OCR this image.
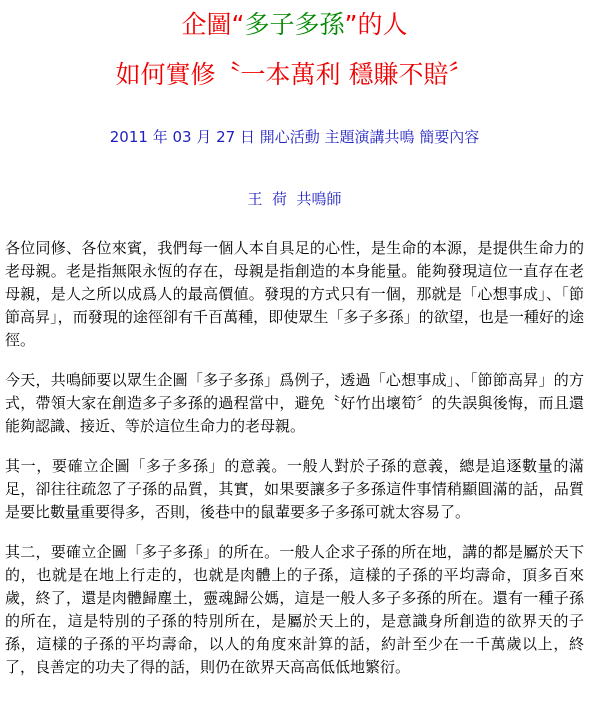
企圖“多子多孫”的人
如何實修〝一本萬利 穩賺不賠〞
2011 年 03 月 27 日 開心活動 主題演講共鳴 簡要內容
王  荷  共鳴師

各位同修、各位來賓，我們每一個人本自具足的心性，是生命的本源，是提供生命力的老母親。老是指無限永恆的存在，母親是指創造的本身能量。能夠發現這位一直存在老母親，是人之所以成爲人的最高價値。發現的方式只有一個，那就是「心想事成」、「節節高昇」，而發現的途徑卻有千百萬種，即使眾生「多子多孫」的欲望，也是一種好的途徑。

今天，共鳴師要以眾生企圖「多子多孫」爲例子，透過「心想事成」、「節節高昇」的方式，帶領大家在創造多子多孫的過程當中，避免〝好竹出壞筍〞的失誤與後悔，而且還能夠認識、接近、等於這位生命力的老母親。

其一，要確立企圖「多子多孫」的意義。一般人對於子孫的意義，總是追逐數量的滿足，卻往往疏忽了子孫的品質，其實，如果要讓多子多孫這件事情稍顯圓滿的話，品質是要比數量重要得多，否則，後巷中的鼠輩要多子多孫可就太容易了。

其二，要確立企圖「多子多孫」的所在。一般人企求子孫的所在地，講的都是屬於天下的，也就是在地上行走的，也就是肉體上的子孫，這樣的子孫的平均壽命，頂多百來歲，終了，還是肉體歸塵土，靈魂歸公媽，這是一般人多子多孫的所在。還有一種子孫的所在，這是特別的子孫的特別所在，是屬於天上的，是意識身所創造的欲界天的子孫，這樣的子孫的平均壽命，以人的角度來計算的話，約計至少在一千萬歲以上，終了，良善定的功夫了得的話，則仍在欲界天高高低低地繁衍。
